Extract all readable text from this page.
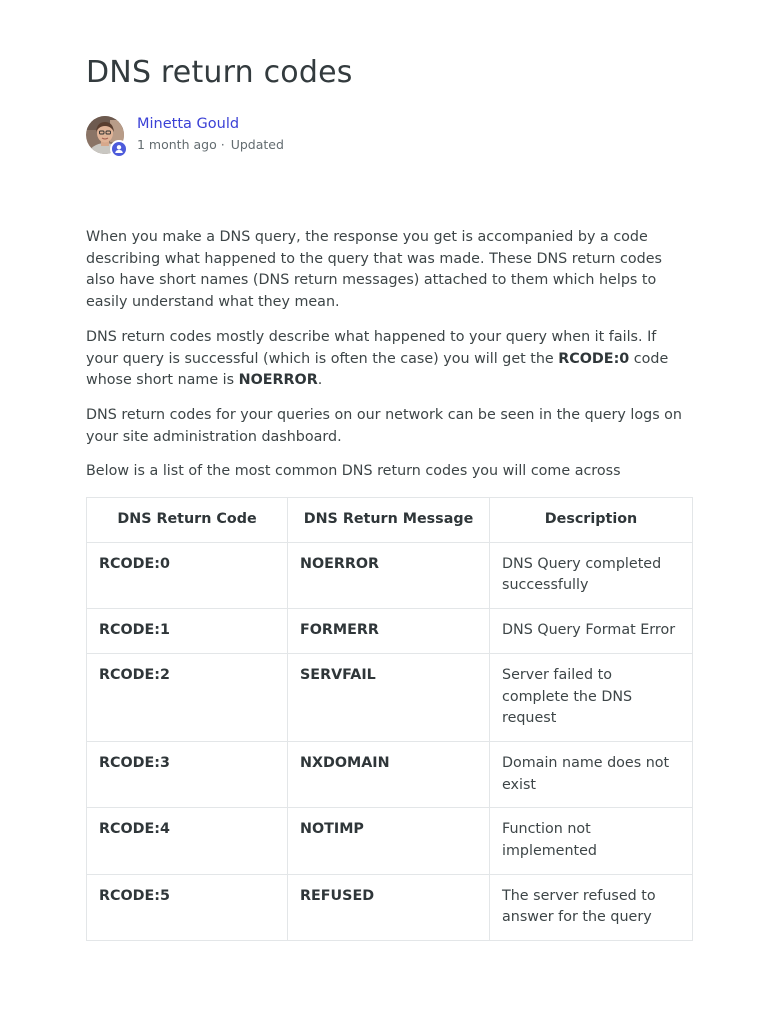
DNS return codes
Minetta Gould
1 month ago · Updated

When you make a DNS query, the response you get is accompanied by a code describing what happened to the query that was made. These DNS return codes also have short names (DNS return messages) attached to them which helps to easily understand what they mean.

DNS return codes mostly describe what happened to your query when it fails. If your query is successful (which is often the case) you will get the RCODE:0 code whose short name is NOERROR.

DNS return codes for your queries on our network can be seen in the query logs on your site administration dashboard.

Below is a list of the most common DNS return codes you will come across

DNS Return Code	DNS Return Message	Description
RCODE:0	NOERROR	DNS Query completed successfully
RCODE:1	FORMERR	DNS Query Format Error
RCODE:2	SERVFAIL	Server failed to complete the DNS request
RCODE:3	NXDOMAIN	Domain name does not exist
RCODE:4	NOTIMP	Function not implemented
RCODE:5	REFUSED	The server refused to answer for the query
